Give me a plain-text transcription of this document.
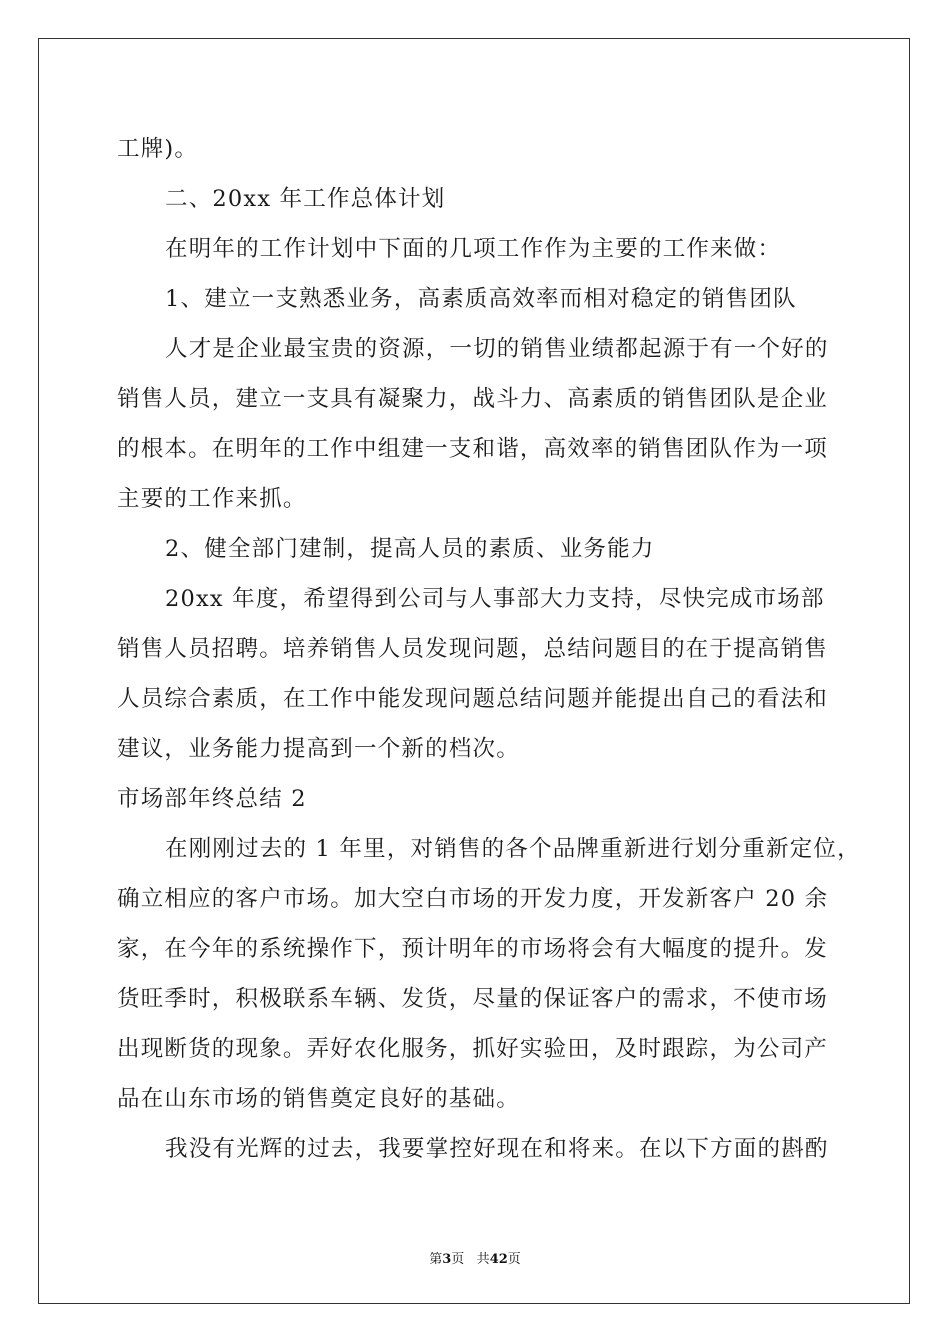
工牌)。
二、20xx 年工作总体计划
在明年的工作计划中下面的几项工作作为主要的工作来做：
1、建立一支熟悉业务，高素质高效率而相对稳定的销售团队
人才是企业最宝贵的资源，一切的销售业绩都起源于有一个好的
销售人员，建立一支具有凝聚力，战斗力、高素质的销售团队是企业
的根本。在明年的工作中组建一支和谐，高效率的销售团队作为一项
主要的工作来抓。
2、健全部门建制，提高人员的素质、业务能力
20xx 年度，希望得到公司与人事部大力支持，尽快完成市场部
销售人员招聘。培养销售人员发现问题，总结问题目的在于提高销售
人员综合素质，在工作中能发现问题总结问题并能提出自己的看法和
建议，业务能力提高到一个新的档次。
市场部年终总结 2
在刚刚过去的 1 年里，对销售的各个品牌重新进行划分重新定位，
确立相应的客户市场。加大空白市场的开发力度，开发新客户 20 余
家，在今年的系统操作下，预计明年的市场将会有大幅度的提升。发
货旺季时，积极联系车辆、发货，尽量的保证客户的需求，不使市场
出现断货的现象。弄好农化服务，抓好实验田，及时跟踪，为公司产
品在山东市场的销售奠定良好的基础。
我没有光辉的过去，我要掌控好现在和将来。在以下方面的斟酌
第3页 共42页
